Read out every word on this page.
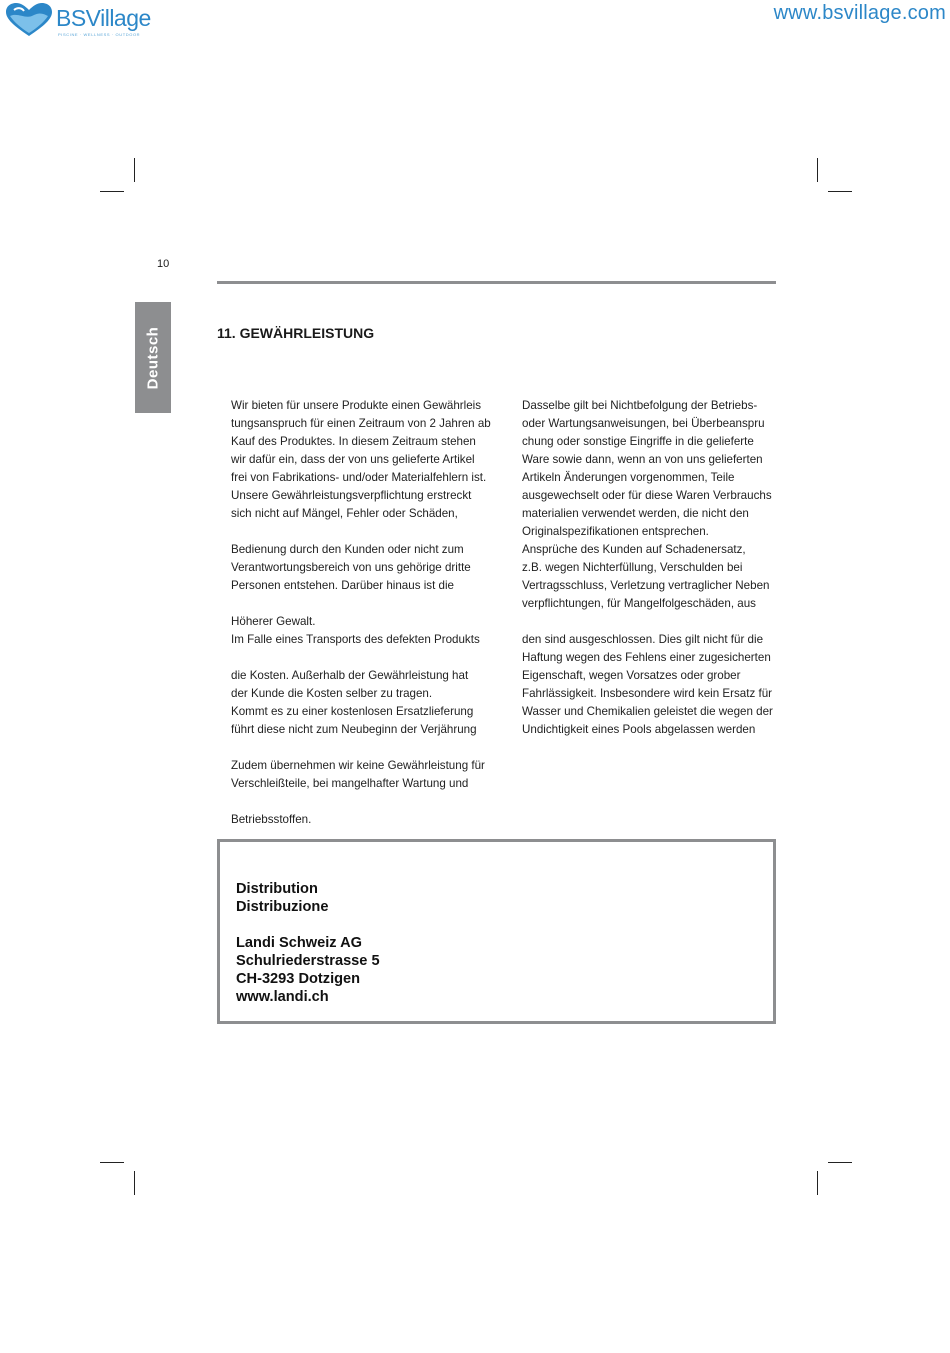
BSVillage
PISCINE · WELLNESS · OUTDOOR
www.bsvillage.com
10
Deutsch	11. GEWÄHRLEISTUNG

Wir bieten für unsere Produkte einen Gewährleis

tungsanspruch für einen Zeitraum von 2 Jahren ab

Kauf des Produktes. In diesem Zeitraum stehen

wir dafür ein, dass der von uns gelieferte Artikel

frei von Fabrikations- und/oder Materialfehlern ist.

Unsere Gewährleistungsverpflichtung erstreckt

sich nicht auf Mängel, Fehler oder Schäden,

Bedienung durch den Kunden oder nicht zum

Verantwortungsbereich von uns gehörige dritte

Personen entstehen. Darüber hinaus ist die

Höherer Gewalt.

Im Falle eines Transports des defekten Produkts

die Kosten. Außerhalb der Gewährleistung hat

der Kunde die Kosten selber zu tragen.

Kommt es zu einer kostenlosen Ersatzlieferung

führt diese nicht zum Neubeginn der Verjährung

Zudem übernehmen wir keine Gewährleistung für

Verschleißteile, bei mangelhafter Wartung und

Betriebsstoffen.

Dasselbe gilt bei Nichtbefolgung der Betriebs-

oder Wartungsanweisungen, bei Überbeanspru

chung oder sonstige Eingriffe in die gelieferte

Ware sowie dann, wenn an von uns gelieferten

Artikeln Änderungen vorgenommen, Teile

ausgewechselt oder für diese Waren Verbrauchs

materialien verwendet werden, die nicht den

Originalspezifikationen entsprechen.

Ansprüche des Kunden auf Schadenersatz,

z.B. wegen Nichterfüllung, Verschulden bei

Vertragsschluss, Verletzung vertraglicher Neben

verpflichtungen, für Mangelfolgeschäden, aus

den sind ausgeschlossen. Dies gilt nicht für die

Haftung wegen des Fehlens einer zugesicherten

Eigenschaft, wegen Vorsatzes oder grober

Fahrlässigkeit. Insbesondere wird kein Ersatz für

Wasser und Chemikalien geleistet die wegen der

Undichtigkeit eines Pools abgelassen werden

Distribution

Distribuzione

Landi Schweiz AG

Schulriederstrasse 5

CH-3293 Dotzigen

www.landi.ch
